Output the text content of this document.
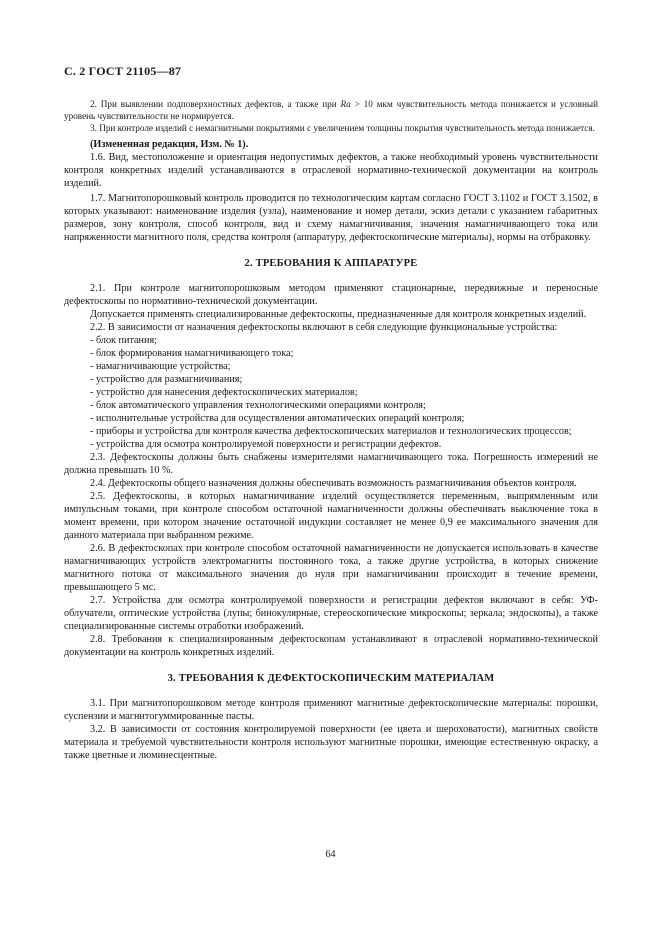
С. 2 ГОСТ 21105—87

2. При выявлении подповерхностных дефектов, а также при Ra > 10 мкм чувствительность метода понижается и условный уровень чувствительности не нормируется.

3. При контроле изделий с немагнитными покрытиями с увеличением толщины покрытия чувствительность метода понижается.

(Измененная редакция, Изм. № 1).

1.6. Вид, местоположение и ориентация недопустимых дефектов, а также необходимый уровень чувствительности контроля конкретных изделий устанавливаются в отраслевой нормативно-технической документации на контроль изделий.

1.7. Магнитопорошковый контроль проводится по технологическим картам согласно ГОСТ 3.1102 и ГОСТ 3.1502, в которых указывают: наименование изделия (узла), наименование и номер детали, эскиз детали с указанием габаритных размеров, зону контроля, способ контроля, вид и схему намагничивания, значения намагничивающего тока или напряженности магнитного поля, средства контроля (аппаратуру, дефектоскопические материалы), нормы на отбраковку.

2. ТРЕБОВАНИЯ К АППАРАТУРЕ

2.1. При контроле магнитопорошковым методом применяют стационарные, передвижные и переносные дефектоскопы по нормативно-технической документации.

Допускается применять специализированные дефектоскопы, предназначенные для контроля конкретных изделий.

2.2. В зависимости от назначения дефектоскопы включают в себя следующие функциональные устройства:

- блок питания;
- блок формирования намагничивающего тока;
- намагничивающие устройства;
- устройство для размагничивания;
- устройство для нанесения дефектоскопических материалов;
- блок автоматического управления технологическими операциями контроля;
- исполнительные устройства для осуществления автоматических операций контроля;
- приборы и устройства для контроля качества дефектоскопических материалов и технологических процессов;
- устройства для осмотра контролируемой поверхности и регистрации дефектов.

2.3. Дефектоскопы должны быть снабжены измерителями намагничивающего тока. Погрешность измерений не должна превышать 10 %.

2.4. Дефектоскопы общего назначения должны обеспечивать возможность размагничивания объектов контроля.

2.5. Дефектоскопы, в которых намагничивание изделий осуществляется переменным, выпрямленным или импульсным токами, при контроле способом остаточной намагниченности должны обеспечивать выключение тока в момент времени, при котором значение остаточной индукции составляет не менее 0,9 ее максимального значения для данного материала при выбранном режиме.

2.6. В дефектоскопах при контроле способом остаточной намагниченности не допускается использовать в качестве намагничивающих устройств электромагниты постоянного тока, а также другие устройства, в которых снижение магнитного потока от максимального значения до нуля при намагничивании происходит в течение времени, превышающего 5 мс.

2.7. Устройства для осмотра контролируемой поверхности и регистрации дефектов включают в себя: УФ-облучатели, оптические устройства (лупы; бинокулярные, стереоскопические микроскопы; зеркала; эндоскопы), а также специализированные системы отработки изображений.

2.8. Требования к специализированным дефектоскопам устанавливают в отраслевой нормативно-технической документации на контроль конкретных изделий.

3. ТРЕБОВАНИЯ К ДЕФЕКТОСКОПИЧЕСКИМ МАТЕРИАЛАМ

3.1. При магнитопорошковом методе контроля применяют магнитные дефектоскопические материалы: порошки, суспензии и магнитогуммированные пасты.

3.2. В зависимости от состояния контролируемой поверхности (ее цвета и шероховатости), магнитных свойств материала и требуемой чувствительности контроля используют магнитные порошки, имеющие естественную окраску, а также цветные и люминесцентные.

64
